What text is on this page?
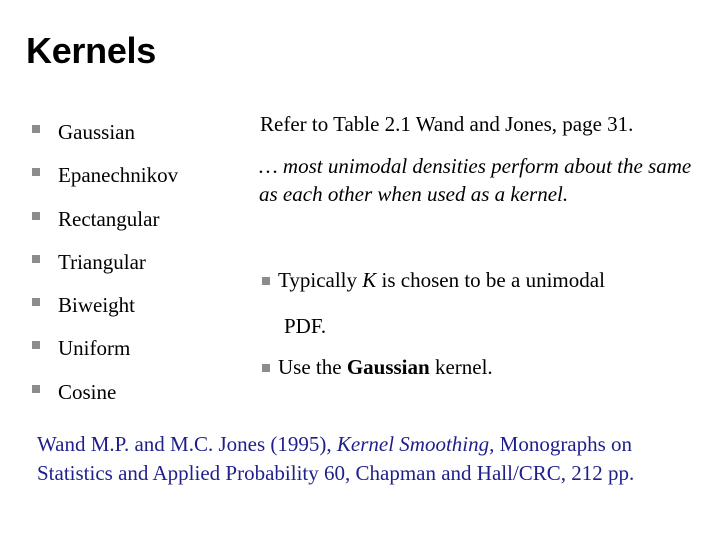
Kernels
Gaussian
Epanechnikov
Rectangular
Triangular
Biweight
Uniform
Cosine
Refer to Table 2.1 Wand and Jones, page 31.
… most unimodal densities perform about the same as each other when used as a kernel.
Typically K is chosen to be a unimodal
PDF.
Use the Gaussian kernel.
Wand M.P. and M.C. Jones (1995), Kernel Smoothing, Monographs on Statistics and Applied Probability 60, Chapman and Hall/CRC, 212 pp.
